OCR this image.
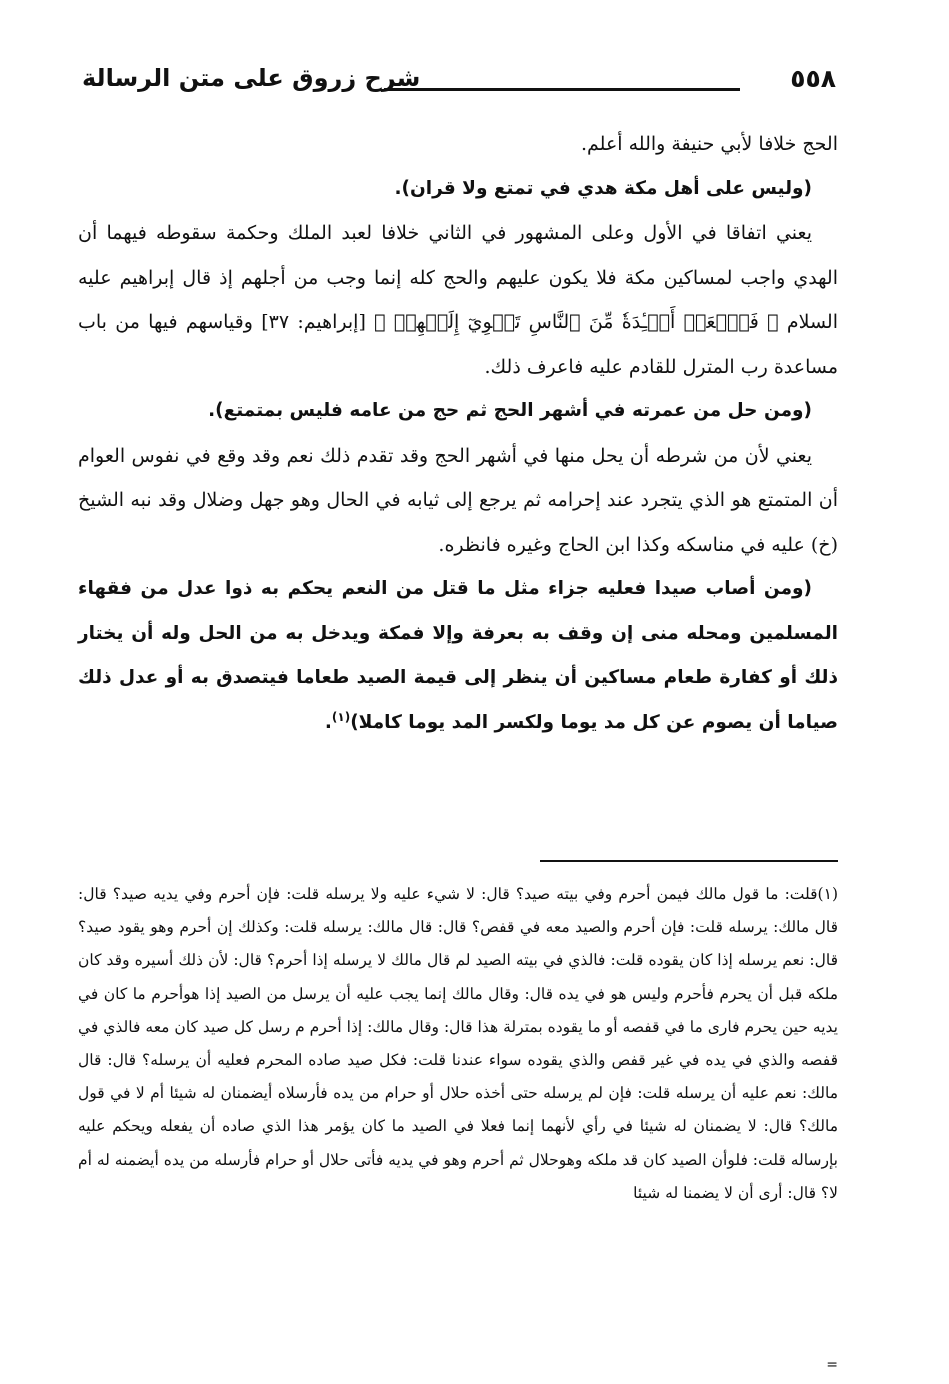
٥٥٨
شرح زروق على متن الرسالة

الحج خلافا لأبي حنيفة والله أعلم.

(وليس على أهل مكة هدي في تمتع ولا قران).

يعني اتفاقا في الأول وعلى المشهور في الثاني خلافا لعبد الملك وحكمة سقوطه فيهما أن الهدي واجب لمساكين مكة فلا يكون عليهم والحج كله إنما وجب من أجلهم إذ قال إبراهيم عليه السلام ﴿ فَٱجۡعَلۡ أَفۡـِٔدَةٗ مِّنَ ٱلنَّاسِ تَهۡوِيٓ إِلَيۡهِمۡ ﴾ [إبراهيم: ٣٧] وقياسهم فيها من باب مساعدة رب المترل للقادم عليه فاعرف ذلك.

(ومن حل من عمرته في أشهر الحج ثم حج من عامه فليس بمتمتع).

يعني لأن من شرطه أن يحل منها في أشهر الحج وقد تقدم ذلك نعم وقد وقع في نفوس العوام أن المتمتع هو الذي يتجرد عند إحرامه ثم يرجع إلى ثيابه في الحال وهو جهل وضلال وقد نبه الشيخ (خ) عليه في مناسكه وكذا ابن الحاج وغيره فانظره.

(ومن أصاب صيدا فعليه جزاء مثل ما قتل من النعم يحكم به ذوا عدل من فقهاء المسلمين ومحله منى إن وقف به بعرفة وإلا فمكة ويدخل به من الحل وله أن يختار ذلك أو كفارة طعام مساكين أن ينظر إلى قيمة الصيد طعاما فيتصدق به أو عدل ذلك صياما أن يصوم عن كل مد يوما ولكسر المد يوما كاملا)$^{(١)}$.

(١)قلت: ما قول مالك فيمن أحرم وفي بيته صيد؟ قال: لا شيء عليه ولا يرسله قلت: فإن أحرم وفي يديه صيد؟ قال: قال مالك: يرسله قلت: فإن أحرم والصيد معه في قفص؟ قال: قال مالك: يرسله قلت: وكذلك إن أحرم وهو يقود صيد؟ قال: نعم يرسله إذا كان يقوده قلت: فالذي في بيته الصيد لم قال مالك لا يرسله إذا أحرم؟ قال: لأن ذلك أسيره وقد كان ملكه قبل أن يحرم فأحرم وليس هو في يده قال: وقال مالك إنما يجب عليه أن يرسل من الصيد إذا هوأحرم ما كان في يديه حين يحرم فارى ما في قفصه أو ما يقوده بمترلة هذا قال: وقال مالك: إذا أحرم م رسل كل صيد كان معه فالذي في قفصه والذي في يده في غير قفص والذي يقوده سواء عندنا قلت: فكل صيد صاده المحرم فعليه أن يرسله؟ قال: قال مالك: نعم عليه أن يرسله قلت: فإن لم يرسله حتى أخذه حلال أو حرام من يده فأرسلاه أيضمنان له شيئا أم لا في قول مالك؟ قال: لا يضمنان له شيئا في رأي لأنهما إنما فعلا في الصيد ما كان يؤمر هذا الذي صاده أن يفعله ويحكم عليه بإرساله قلت: فلوأن الصيد كان قد ملكه وهوحلال ثم أحرم وهو في يديه فأتى حلال أو حرام فأرسله من يده أيضمنه له أم لا؟ قال: أرى أن لا يضمنا له شيئا

=
